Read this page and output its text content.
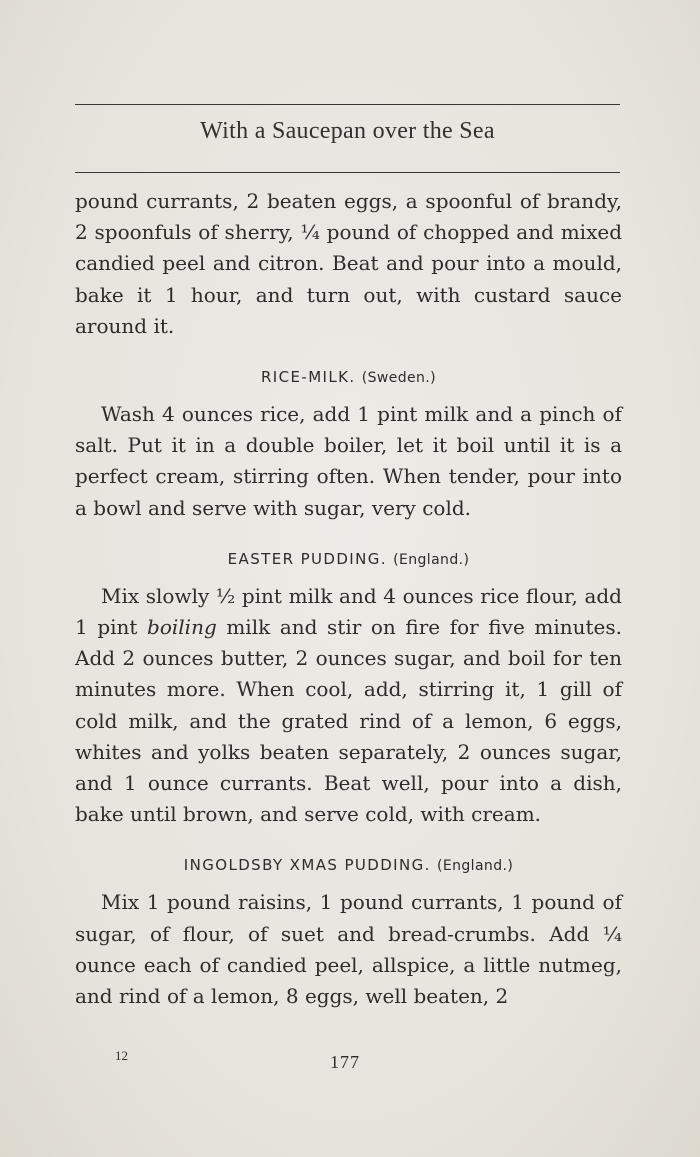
With a Saucepan over the Sea

pound currants, 2 beaten eggs, a spoonful of brandy, 2 spoonfuls of sherry, ¼ pound of chopped and mixed candied peel and citron. Beat and pour into a mould, bake it 1 hour, and turn out, with custard sauce around it.

RICE-MILK. (Sweden.)

Wash 4 ounces rice, add 1 pint milk and a pinch of salt. Put it in a double boiler, let it boil until it is a perfect cream, stirring often. When tender, pour into a bowl and serve with sugar, very cold.

EASTER PUDDING. (England.)

Mix slowly ½ pint milk and 4 ounces rice flour, add 1 pint boiling milk and stir on fire for five minutes. Add 2 ounces butter, 2 ounces sugar, and boil for ten minutes more. When cool, add, stirring it, 1 gill of cold milk, and the grated rind of a lemon, 6 eggs, whites and yolks beaten separately, 2 ounces sugar, and 1 ounce currants. Beat well, pour into a dish, bake until brown, and serve cold, with cream.

INGOLDSBY XMAS PUDDING. (England.)

Mix 1 pound raisins, 1 pound currants, 1 pound of sugar, of flour, of suet and bread-crumbs. Add ¼ ounce each of candied peel, allspice, a little nutmeg, and rind of a lemon, 8 eggs, well beaten, 2

12	177
